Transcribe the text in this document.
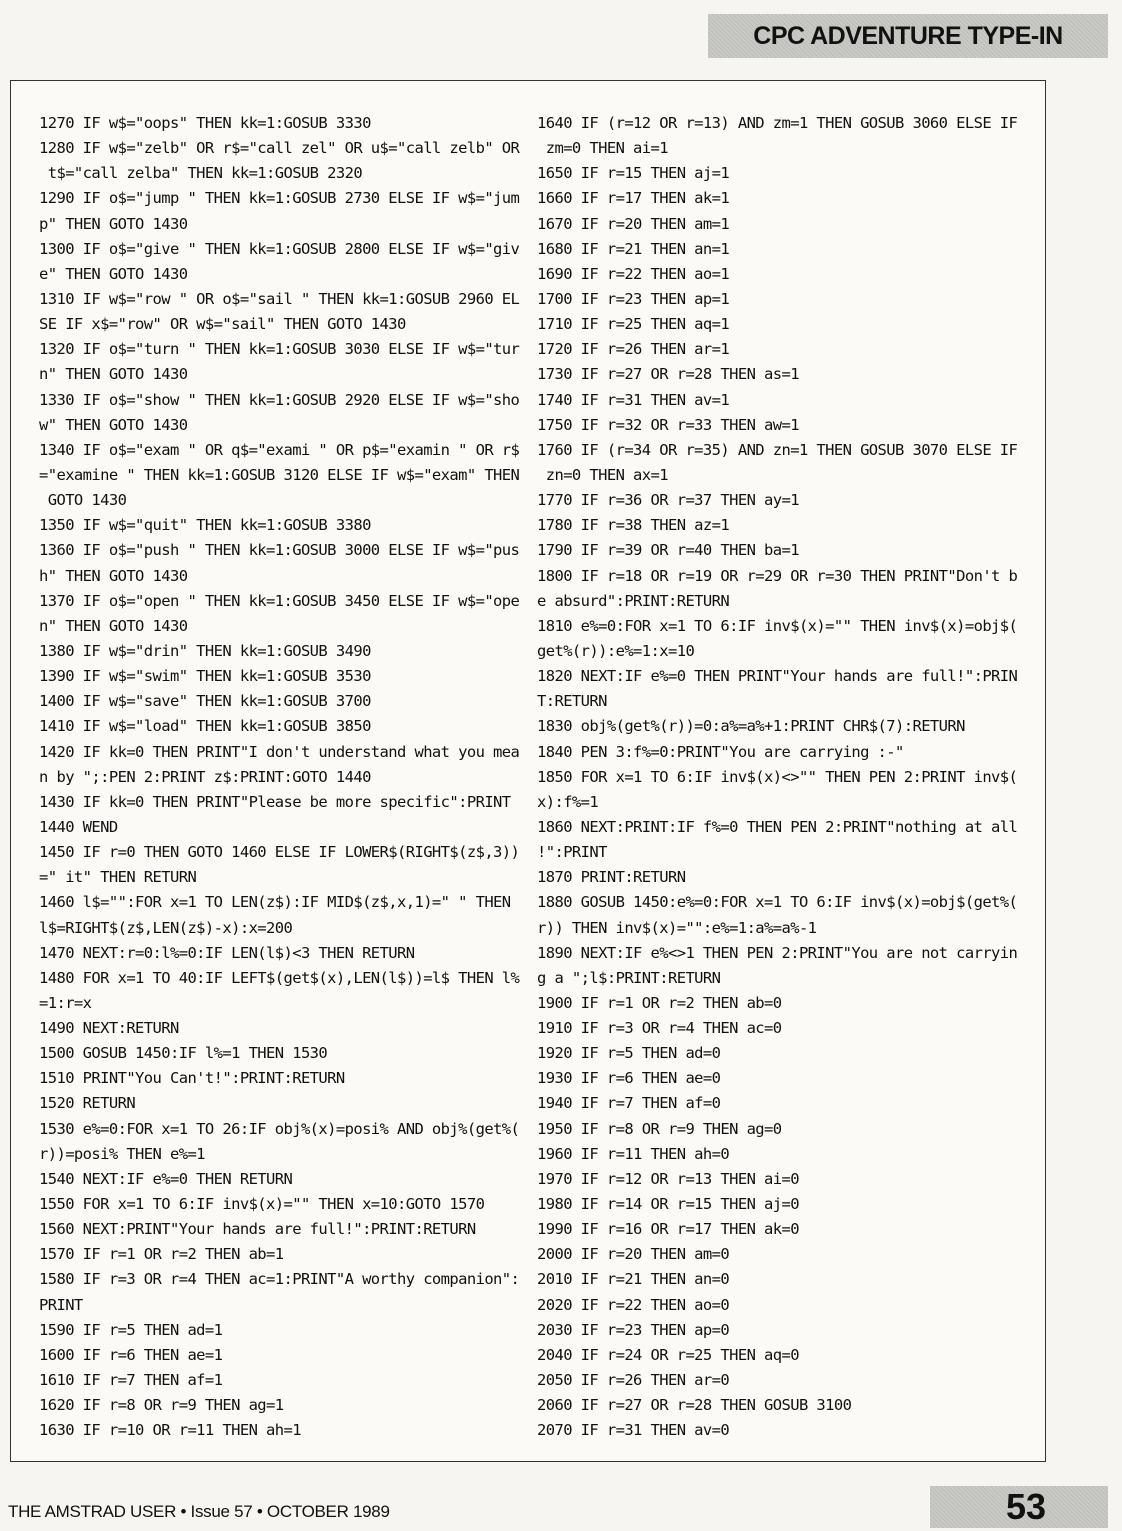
CPC ADVENTURE TYPE-IN
1270 IF w$="oops" THEN kk=1:GOSUB 3330
1280 IF w$="zelb" OR r$="call zel" OR u$="call zelb" OR
t$="call zelba" THEN kk=1:GOSUB 2320
1290 IF o$="jump " THEN kk=1:GOSUB 2730 ELSE IF w$="jum
p" THEN GOTO 1430
1300 IF o$="give " THEN kk=1:GOSUB 2800 ELSE IF w$="giv
e" THEN GOTO 1430
1310 IF w$="row " OR o$="sail " THEN kk=1:GOSUB 2960 EL
SE IF x$="row" OR w$="sail" THEN GOTO 1430
1320 IF o$="turn " THEN kk=1:GOSUB 3030 ELSE IF w$="tur
n" THEN GOTO 1430
1330 IF o$="show " THEN kk=1:GOSUB 2920 ELSE IF w$="sho
w" THEN GOTO 1430
1340 IF o$="exam " OR q$="exami " OR p$="examin " OR r$
="examine " THEN kk=1:GOSUB 3120 ELSE IF w$="exam" THEN
GOTO 1430
1350 IF w$="quit" THEN kk=1:GOSUB 3380
1360 IF o$="push " THEN kk=1:GOSUB 3000 ELSE IF w$="pus
h" THEN GOTO 1430
1370 IF o$="open " THEN kk=1:GOSUB 3450 ELSE IF w$="ope
n" THEN GOTO 1430
1380 IF w$="drin" THEN kk=1:GOSUB 3490
1390 IF w$="swim" THEN kk=1:GOSUB 3530
1400 IF w$="save" THEN kk=1:GOSUB 3700
1410 IF w$="load" THEN kk=1:GOSUB 3850
1420 IF kk=0 THEN PRINT"I don't understand what you mea
n by ";:PEN 2:PRINT z$:PRINT:GOTO 1440
1430 IF kk=0 THEN PRINT"Please be more specific":PRINT
1440 WEND
1450 IF r=0 THEN GOTO 1460 ELSE IF LOWER$(RIGHT$(z$,3))
=" it" THEN RETURN
1460 l$="":FOR x=1 TO LEN(z$):IF MID$(z$,x,1)=" " THEN
l$=RIGHT$(z$,LEN(z$)-x):x=200
1470 NEXT:r=0:l%=0:IF LEN(l$)<3 THEN RETURN
1480 FOR x=1 TO 40:IF LEFT$(get$(x),LEN(l$))=l$ THEN l%
=1:r=x
1490 NEXT:RETURN
1500 GOSUB 1450:IF l%=1 THEN 1530
1510 PRINT"You Can't!":PRINT:RETURN
1520 RETURN
1530 e%=0:FOR x=1 TO 26:IF obj%(x)=posi% AND obj%(get%(
r))=posi% THEN e%=1
1540 NEXT:IF e%=0 THEN RETURN
1550 FOR x=1 TO 6:IF inv$(x)="" THEN x=10:GOTO 1570
1560 NEXT:PRINT"Your hands are full!":PRINT:RETURN
1570 IF r=1 OR r=2 THEN ab=1
1580 IF r=3 OR r=4 THEN ac=1:PRINT"A worthy companion":
PRINT
1590 IF r=5 THEN ad=1
1600 IF r=6 THEN ae=1
1610 IF r=7 THEN af=1
1620 IF r=8 OR r=9 THEN ag=1
1630 IF r=10 OR r=11 THEN ah=1
1640 IF (r=12 OR r=13) AND zm=1 THEN GOSUB 3060 ELSE IF
zm=0 THEN ai=1
1650 IF r=15 THEN aj=1
1660 IF r=17 THEN ak=1
1670 IF r=20 THEN am=1
1680 IF r=21 THEN an=1
1690 IF r=22 THEN ao=1
1700 IF r=23 THEN ap=1
1710 IF r=25 THEN aq=1
1720 IF r=26 THEN ar=1
1730 IF r=27 OR r=28 THEN as=1
1740 IF r=31 THEN av=1
1750 IF r=32 OR r=33 THEN aw=1
1760 IF (r=34 OR r=35) AND zn=1 THEN GOSUB 3070 ELSE IF
zn=0 THEN ax=1
1770 IF r=36 OR r=37 THEN ay=1
1780 IF r=38 THEN az=1
1790 IF r=39 OR r=40 THEN ba=1
1800 IF r=18 OR r=19 OR r=29 OR r=30 THEN PRINT"Don't b
e absurd":PRINT:RETURN
1810 e%=0:FOR x=1 TO 6:IF inv$(x)="" THEN inv$(x)=obj$(
get%(r)):e%=1:x=10
1820 NEXT:IF e%=0 THEN PRINT"Your hands are full!":PRIN
T:RETURN
1830 obj%(get%(r))=0:a%=a%+1:PRINT CHR$(7):RETURN
1840 PEN 3:f%=0:PRINT"You are carrying :-"
1850 FOR x=1 TO 6:IF inv$(x)<>"" THEN PEN 2:PRINT inv$(
x):f%=1
1860 NEXT:PRINT:IF f%=0 THEN PEN 2:PRINT"nothing at all
!":PRINT
1870 PRINT:RETURN
1880 GOSUB 1450:e%=0:FOR x=1 TO 6:IF inv$(x)=obj$(get%(
r)) THEN inv$(x)="":e%=1:a%=a%-1
1890 NEXT:IF e%<>1 THEN PEN 2:PRINT"You are not carryin
g a ";l$:PRINT:RETURN
1900 IF r=1 OR r=2 THEN ab=0
1910 IF r=3 OR r=4 THEN ac=0
1920 IF r=5 THEN ad=0
1930 IF r=6 THEN ae=0
1940 IF r=7 THEN af=0
1950 IF r=8 OR r=9 THEN ag=0
1960 IF r=11 THEN ah=0
1970 IF r=12 OR r=13 THEN ai=0
1980 IF r=14 OR r=15 THEN aj=0
1990 IF r=16 OR r=17 THEN ak=0
2000 IF r=20 THEN am=0
2010 IF r=21 THEN an=0
2020 IF r=22 THEN ao=0
2030 IF r=23 THEN ap=0
2040 IF r=24 OR r=25 THEN aq=0
2050 IF r=26 THEN ar=0
2060 IF r=27 OR r=28 THEN GOSUB 3100
2070 IF r=31 THEN av=0
THE AMSTRAD USER • Issue 57 • OCTOBER 1989	53
